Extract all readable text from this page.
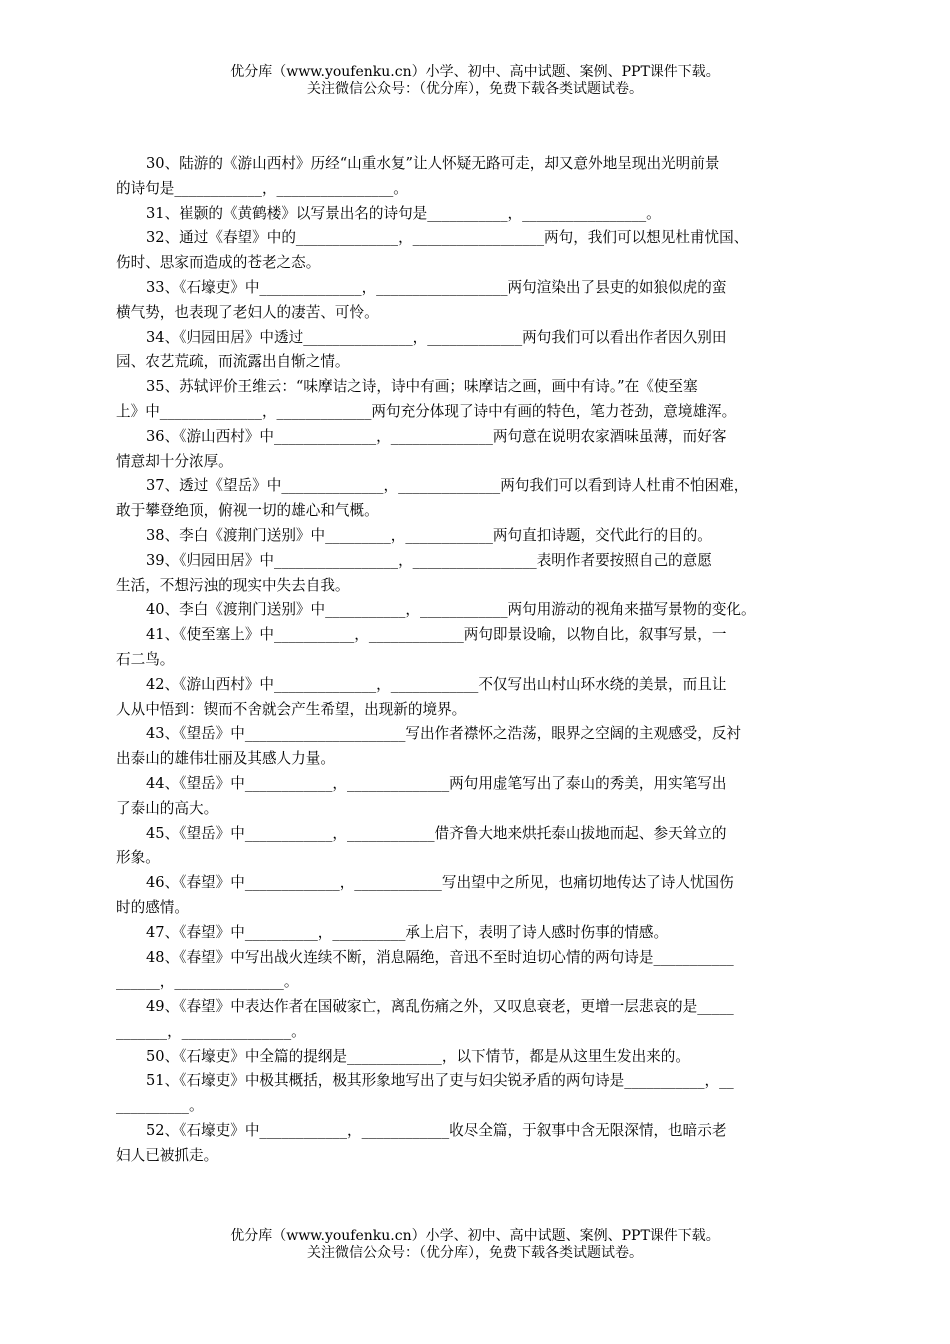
优分库（www.youfenku.cn）小学、初中、高中试题、案例、PPT课件下载。
关注微信公众号：（优分库），免费下载各类试题试卷。
30、陆游的《游山西村》历经“山重水复”让人怀疑无路可走，却又意外地呈现出光明前景
的诗句是____________，________________。
31、崔颢的《黄鹤楼》以写景出名的诗句是___________，_________________。
32、通过《春望》中的______________，__________________两句，我们可以想见杜甫忧国、
伤时、思家而造成的苍老之态。
33、《石壕吏》中______________，__________________两句渲染出了县吏的如狼似虎的蛮
横气势，也表现了老妇人的凄苦、可怜。
34、《归园田居》中透过_______________，_____________两句我们可以看出作者因久别田
园、农艺荒疏，而流露出自惭之情。
35、苏轼评价王维云：“味摩诘之诗，诗中有画；味摩诘之画，画中有诗。”在《使至塞
上》中______________，_____________两句充分体现了诗中有画的特色，笔力苍劲，意境雄浑。
36、《游山西村》中______________，______________两句意在说明农家酒味虽薄，而好客
情意却十分浓厚。
37、透过《望岳》中______________，______________两句我们可以看到诗人杜甫不怕困难，
敢于攀登绝顶，俯视一切的雄心和气概。
38、李白《渡荆门送别》中_________，____________两句直扣诗题，交代此行的目的。
39、《归园田居》中_________________，_________________表明作者要按照自己的意愿
生活，不想污浊的现实中失去自我。
40、李白《渡荆门送别》中___________，____________两句用游动的视角来描写景物的变化。
41、《使至塞上》中___________，_____________两句即景设喻，以物自比，叙事写景，一
石二鸟。
42、《游山西村》中______________，____________不仅写出山村山环水绕的美景，而且让
人从中悟到：锲而不舍就会产生希望，出现新的境界。
43、《望岳》中______________________写出作者襟怀之浩荡，眼界之空阔的主观感受，反衬
出泰山的雄伟壮丽及其感人力量。
44、《望岳》中____________，______________两句用虚笔写出了泰山的秀美，用实笔写出
了泰山的高大。
45、《望岳》中____________，____________借齐鲁大地来烘托泰山拔地而起、参天耸立的
形象。
46、《春望》中_____________，____________写出望中之所见，也痛切地传达了诗人忧国伤
时的感情。
47、《春望》中__________，__________承上启下，表明了诗人感时伤事的情感。
48、《春望》中写出战火连续不断，消息隔绝，音迅不至时迫切心情的两句诗是___________
______，_______________。
49、《春望》中表达作者在国破家亡，离乱伤痛之外，又叹息衰老，更增一层悲哀的是_____
_______，_______________。
50、《石壕吏》中全篇的提纲是_____________，以下情节，都是从这里生发出来的。
51、《石壕吏》中极其概括，极其形象地写出了吏与妇尖锐矛盾的两句诗是___________，__
__________。
52、《石壕吏》中____________，____________收尽全篇，于叙事中含无限深情，也暗示老
妇人已被抓走。
优分库（www.youfenku.cn）小学、初中、高中试题、案例、PPT课件下载。
关注微信公众号：（优分库），免费下载各类试题试卷。
